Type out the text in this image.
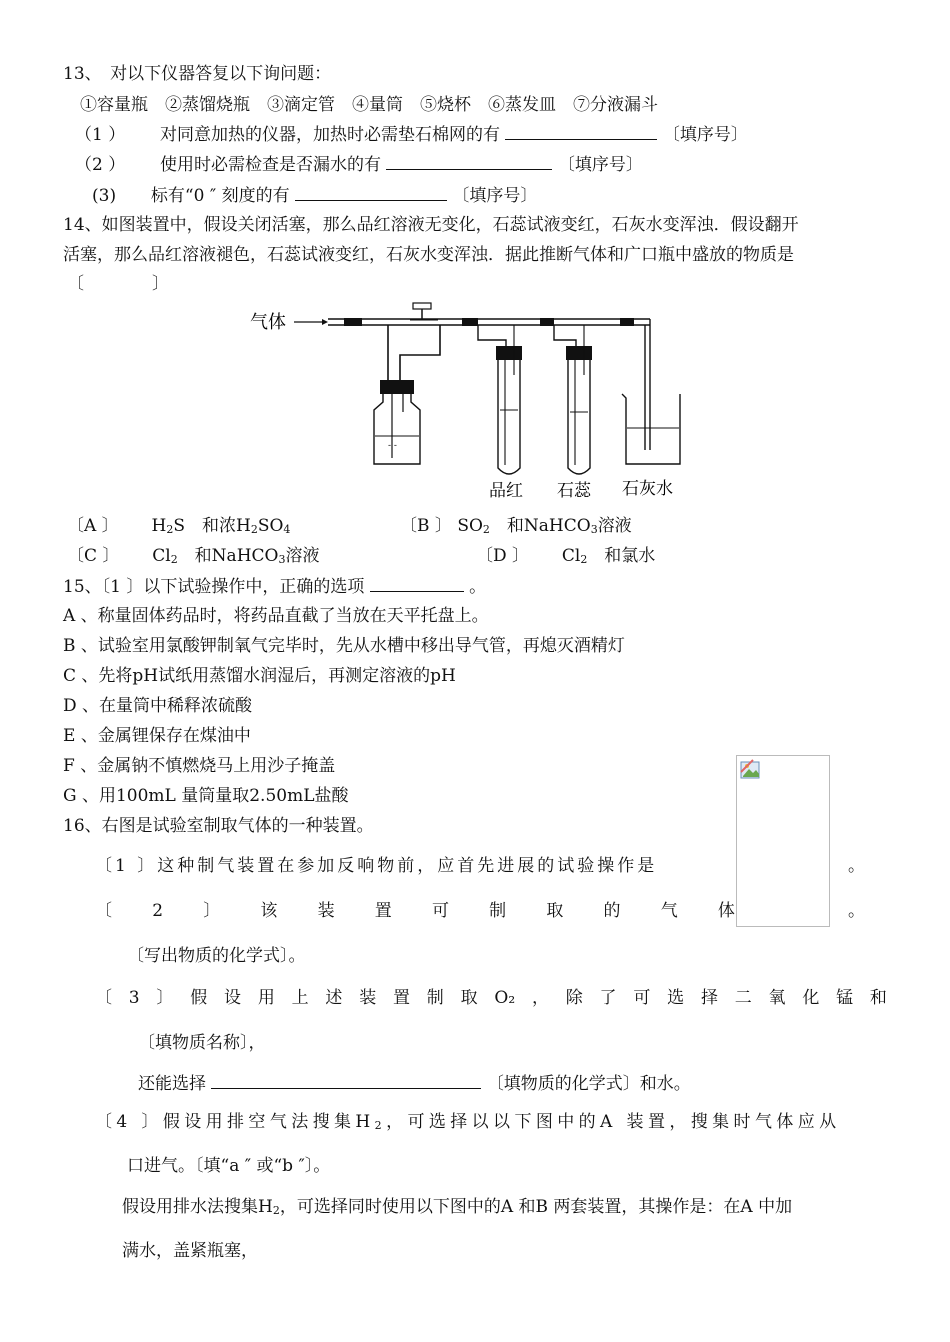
13、　对以下仪器答复以下询问题：
①容量瓶　②蒸馏烧瓶　③滴定管　④量筒　⑤烧杯　⑥蒸发皿　⑦分液漏斗
（1 ） 对同意加热的仪器，加热时必需垫石棉网的有	〔填序号〕
（2 ） 使用时必需检查是否漏水的有	〔填序号〕
(3) 标有“0 ″ 刻度的有	〔填序号〕
14、如图装置中，假设关闭活塞，那么品红溶液无变化，石蕊试液变红，石灰水变浑浊．假设翻开
活塞，那么品红溶液褪色，石蕊试液变红，石灰水变浑浊．据此推断气体和广口瓶中盛放的物质是
〔　　　　〕
气体
- -
品红 石蕊 石灰水
〔A 〕 $H_2S$　和浓$H_2SO_4$	〔B 〕 $SO_2$　和NaHCO$_3$溶液
〔C 〕 $Cl_2$　和NaHCO$_3$溶液	〔D 〕 $Cl_2$　和氯水
15、〔1 〕以下试验操作中，正确的选项	。
A 、称量固体药品时，将药品直截了当放在天平托盘上。
B 、试验室用氯酸钾制氧气完毕时，先从水槽中移出导气管，再熄灭酒精灯
C 、先将pH试纸用蒸馏水润湿后，再测定溶液的pH
D 、在量筒中稀释浓硫酸
E 、金属锂保存在煤油中
F 、金属钠不慎燃烧马上用沙子掩盖
G 、用100mL 量筒量取2.50mL盐酸
16、右图是试验室制取气体的一种装置。
〔1 〕这种制气装置在参加反响物前，应首先进展的试验操作是	。
〔 2 〕 该 装 置 可 制 取 的 气 体	。
〔写出物质的化学式〕。
〔 3 〕 假 设 用 上 述 装 置 制 取 O₂ ， 除 了 可 选 择 二 氧 化 锰 和
〔填物质名称〕，
还能选择	〔填物质的化学式〕和水。
〔4 〕假设用排空气法搜集$H_2$，可选择以以下图中的A 装置，搜集时气体应从
口进气。〔填“a ″ 或“b ″〕。
假设用排水法搜集$H_2$，可选择同时使用以下图中的A 和B 两套装置，其操作是：在A 中加
满水，盖紧瓶塞，
